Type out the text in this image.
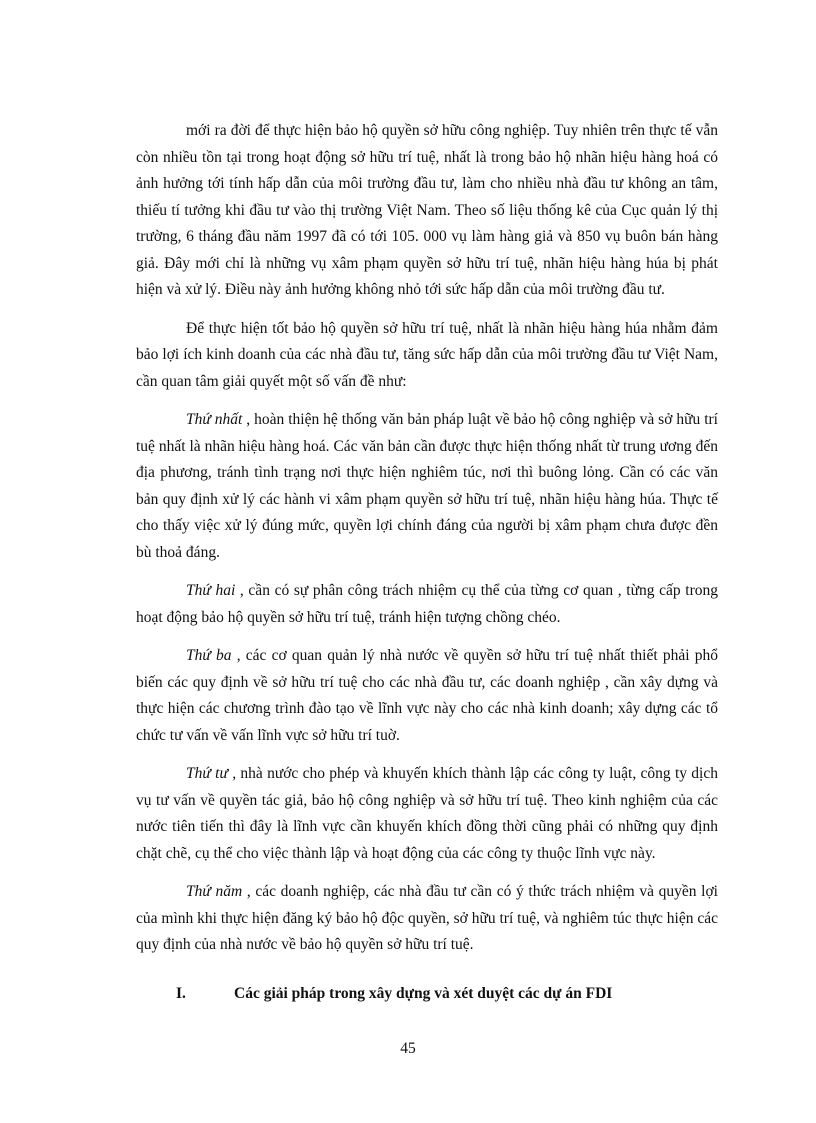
mới ra đời để thực hiện bảo hộ quyền sở hữu công nghiệp. Tuy nhiên trên thực tế vẫn còn nhiều tồn tại trong hoạt động sở hữu trí tuệ, nhất là trong bảo hộ nhãn hiệu hàng hoá có ảnh hưởng tới tính hấp dẫn của môi trường đầu tư, làm cho nhiều nhà đầu tư không an tâm, thiếu tí tưởng khi đầu tư vào thị trường Việt Nam. Theo số liệu thống kê của Cục quản lý thị trường, 6 tháng đầu năm 1997 đã có tới 105. 000 vụ làm hàng giả và 850 vụ buôn bán hàng giả. Đây mới chỉ là những vụ xâm phạm quyền sở hữu trí tuệ, nhãn hiệu hàng húa bị phát hiện và xử lý. Điều này ảnh hưởng không nhỏ tới sức hấp dẫn của môi trường đầu tư.

Để thực hiện tốt bảo hộ quyền sở hữu trí tuệ, nhất là nhãn hiệu hàng húa nhằm đảm bảo lợi ích kinh doanh của các nhà đầu tư, tăng sức hấp dẫn của môi trường đầu tư Việt Nam, cần quan tâm giải quyết một số vấn đề như:

Thứ nhất , hoàn thiện hệ thống văn bản pháp luật về bảo hộ công nghiệp và sở hữu trí tuệ nhất là nhãn hiệu hàng hoá. Các văn bản cần được thực hiện thống nhất từ trung ương đến địa phương, tránh tình trạng nơi thực hiện nghiêm túc, nơi thì buông lỏng. Cần có các văn bản quy định xử lý các hành vi xâm phạm quyền sở hữu trí tuệ, nhãn hiệu hàng húa. Thực tế cho thấy việc xử lý đúng mức, quyền lợi chính đáng của người bị xâm phạm chưa được đền bù thoả đáng.

Thứ hai , cần có sự phân công trách nhiệm cụ thể của từng cơ quan , từng cấp trong hoạt động bảo hộ quyền sở hữu trí tuệ, tránh hiện tượng chồng chéo.

Thứ ba , các cơ quan quản lý nhà nước về quyền sở hữu trí tuệ nhất thiết phải phổ biến các quy định về sở hữu trí tuệ cho các nhà đầu tư, các doanh nghiệp , cần xây dựng và thực hiện các chương trình đào tạo về lĩnh vực này cho các nhà kinh doanh; xây dựng các tổ chức tư vấn về vấn lĩnh vực sở hữu trí tuờ.

Thứ tư , nhà nước cho phép và khuyến khích thành lập các công ty luật, công ty dịch vụ tư vấn về quyền tác giả, bảo hộ công nghiệp và sở hữu trí tuệ. Theo kinh nghiệm của các nước tiên tiến thì đây là lĩnh vực cần khuyến khích đồng thời cũng phải có những quy định chặt chẽ, cụ thể cho việc thành lập và hoạt động của các công ty thuộc lĩnh vực này.

Thứ năm , các doanh nghiệp, các nhà đầu tư cần có ý thức trách nhiệm và quyền lợi của mình khi thực hiện đăng ký bảo hộ độc quyền, sở hữu trí tuệ, và nghiêm túc thực hiện các quy định của nhà nước về bảo hộ quyền sở hữu trí tuệ.

I.	Các giải pháp trong xây dựng và xét duyệt các dự án FDI
45
